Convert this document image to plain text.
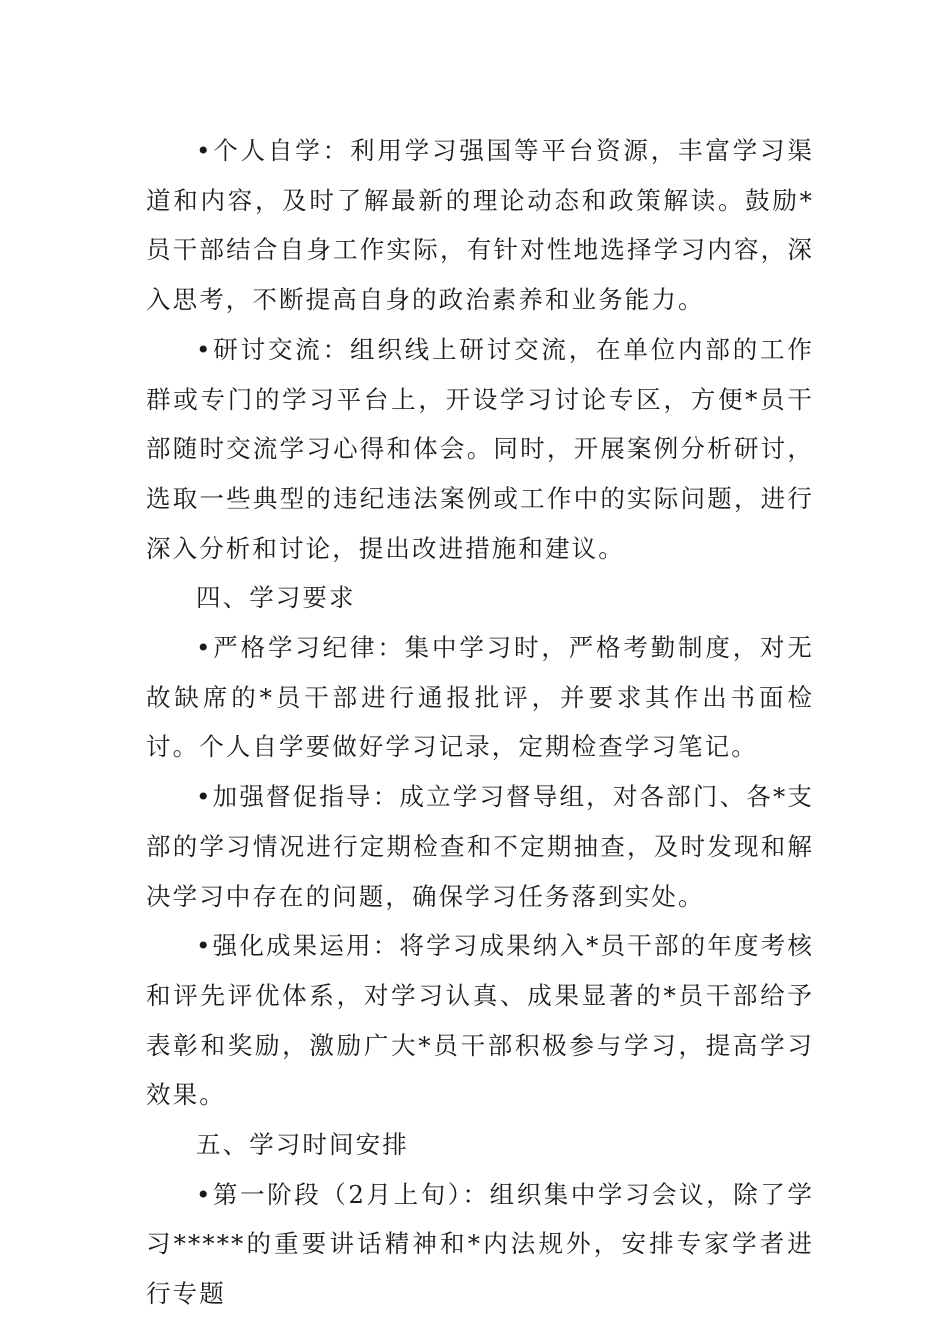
•个人自学：利用学习强国等平台资源，丰富学习渠道和内容，及时了解最新的理论动态和政策解读。鼓励*员干部结合自身工作实际，有针对性地选择学习内容，深入思考，不断提高自身的政治素养和业务能力。

•研讨交流：组织线上研讨交流，在单位内部的工作群或专门的学习平台上，开设学习讨论专区，方便*员干部随时交流学习心得和体会。同时，开展案例分析研讨，选取一些典型的违纪违法案例或工作中的实际问题，进行深入分析和讨论，提出改进措施和建议。

四、学习要求

•严格学习纪律：集中学习时，严格考勤制度，对无故缺席的*员干部进行通报批评，并要求其作出书面检讨。个人自学要做好学习记录，定期检查学习笔记。

•加强督促指导：成立学习督导组，对各部门、各*支部的学习情况进行定期检查和不定期抽查，及时发现和解决学习中存在的问题，确保学习任务落到实处。

•强化成果运用：将学习成果纳入*员干部的年度考核和评先评优体系，对学习认真、成果显著的*员干部给予表彰和奖励，激励广大*员干部积极参与学习，提高学习效果。

五、学习时间安排

•第一阶段（2月上旬）：组织集中学习会议，除了学习*****的重要讲话精神和*内法规外，安排专家学者进行专题
